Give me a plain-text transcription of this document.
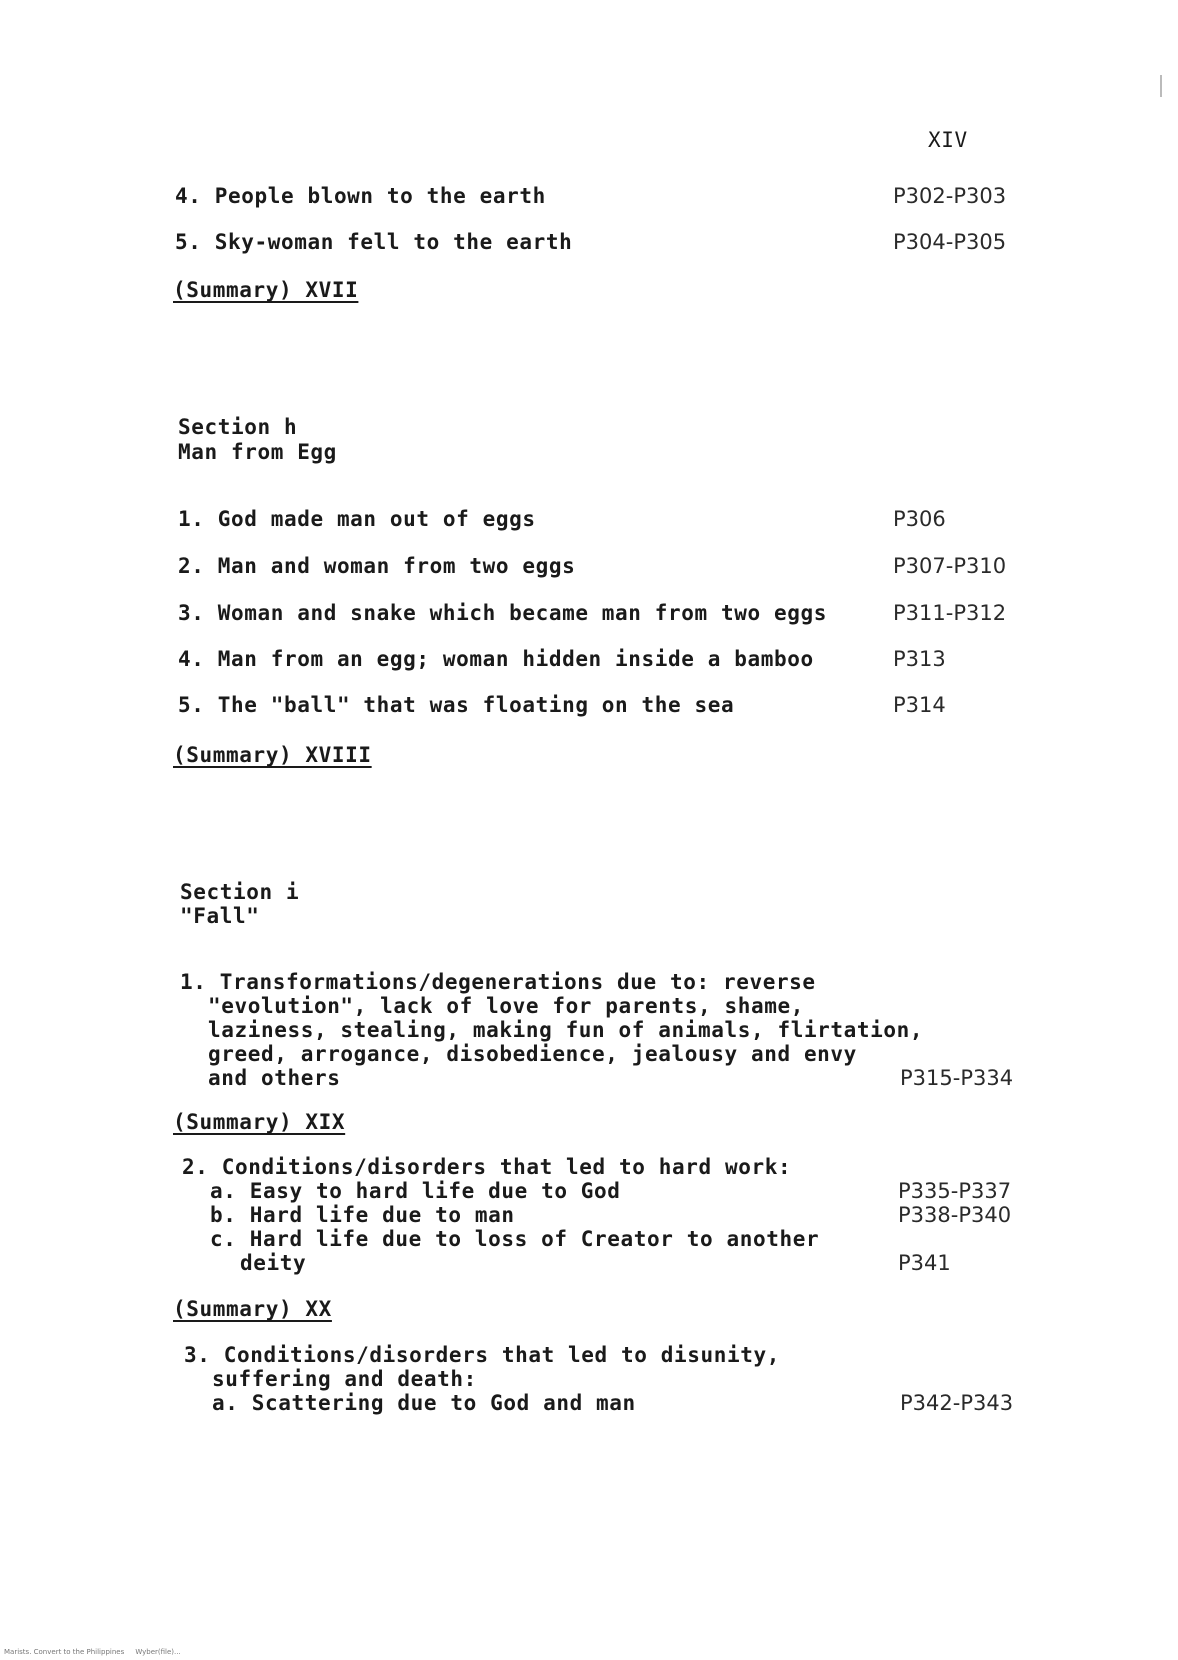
XIV
4. People blown to the earth	P302-P303
5. Sky-woman fell to the earth	P304-P305
(Summary) XVII
Section h
Man from Egg
1. God made man out of eggs	P306
2. Man and woman from two eggs	P307-P310
3. Woman and snake which became man from two eggs	P311-P312
4. Man from an egg; woman hidden inside a bamboo	P313
5. The "ball" that was floating on the sea	P314
(Summary) XVIII
Section i
"Fall"
1. Transformations/degenerations due to: reverse
"evolution", lack of love for parents, shame,
laziness, stealing, making fun of animals, flirtation,
greed, arrogance, disobedience, jealousy and envy
and others	P315-P334
(Summary) XIX
2. Conditions/disorders that led to hard work:
a. Easy to hard life due to God	P335-P337
b. Hard life due to man	P338-P340
c. Hard life due to loss of Creator to another
deity	P341
(Summary) XX
3. Conditions/disorders that led to disunity,
suffering and death:
a. Scattering due to God and man	P342-P343
Marists. Convert to the Philippines     Wyber(file)...
